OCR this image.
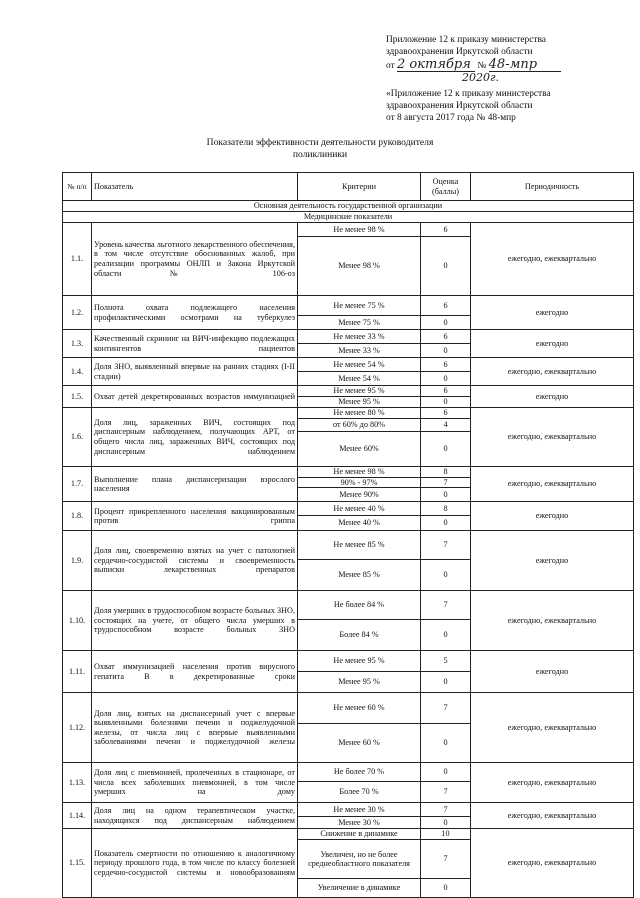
Приложение 12 к приказу министерства
здравоохранения Иркутской области
от 2 октября № 48-мпр
2020г.
«Приложение 12 к приказу министерства
здравоохранения Иркутской области
от 8 августа 2017 года № 48-мпр
Показатели эффективности деятельности руководителя
поликлиники
№ п/п	Показатель	Критерии	Оценка (баллы)	Периодичность
Основная деятельность государственной организации				
Медицинские показатели				
1.1.	Уровень качества льготного лекарственного обеспечения, в том числе отсутствие обоснованных жалоб, при реализации программы ОНЛП и Закона Иркутской области № 106-оз	Не менее 98 %	6	ежегодно, ежеквартально
		Менее 98 %	0	
1.2.	Полнота охвата подлежащего населения профилактическими осмотрами на туберкулез	Не менее 75 %	6	ежегодно
		Менее 75 %	0	
1.3.	Качественный скрининг на ВИЧ-инфекцию подлежащих контингентов пациентов	Не менее 33 %	6	ежегодно
		Менее 33 %	0	
1.4.	Доля ЗНО, выявленный впервые на ранних стадиях (I-II стадии)	Не менее 54 %	6	ежегодно, ежеквартально
		Менее 54 %	0	
1.5.	Охват детей декретированных возрастов иммунизацией	Не менее 95 %	6	ежегодно
		Менее 95 %	0	
1.6.	Доля лиц, зараженных ВИЧ, состоящих под диспансерным наблюдением, получающих АРТ, от общего числа лиц, зараженных ВИЧ, состоящих под диспансерным наблюдением	Не менее 80 %	6	ежегодно, ежеквартально
		от 60% до 80%	4	
		Менее 60%	0	
1.7.	Выполнение плана диспансеризации взрослого населения	Не менее 98 %	8	ежегодно, ежеквартально
		90% - 97%	7	
		Менее 90%	0	
1.8.	Процент прикрепленного населения вакцинированным против гриппа	Не менее 40 %	8	ежегодно
		Менее 40 %	0	
1.9.	Доля лиц, своевременно взятых на учет с патологией сердечно-сосудистой системы и своевременность выписки лекарственных препаратов	Не менее 85 %	7	ежегодно
		Менее 85 %	0	
1.10.	Доля умерших в трудоспособном возрасте больных ЗНО, состоящих на учете, от общего числа умерших в трудоспособном возрасте больных ЗНО	Не более 84 %	7	ежегодно, ежеквартально
		Более 84 %	0	
1.11.	Охват иммунизацией населения против вирусного гепатита В в декретированные сроки	Не менее 95 %	5	ежегодно
		Менее 95 %	0	
1.12.	Доля лиц, взятых на диспансерный учет с впервые выявленными болезнями печени и поджелудочной железы, от числа лиц с впервые выявленными заболеваниями печени и поджелудочной железы	Не менее 60 %	7	ежегодно, ежеквартально
		Менее 60 %	0	
1.13.	Доля лиц с пневмонией, пролеченных в стационаре, от числа всех заболевших пневмонией, в том числе умерших на дому	Не более 70 %	0	ежегодно, ежеквартально
		Более 70 %	7	
1.14.	Доля лиц на одном терапевтическом участке, находящихся под диспансерным наблюдением	Не менее 30 %	7	ежегодно, ежеквартально
		Менее 30 %	0	
1.15.	Показатель смертности по отношению к аналогичному периоду прошлого года, в том числе по классу болезней сердечно-сосудистой системы и новообразованиям	Снижение в динамике	10	ежегодно, ежеквартально
		Увеличен, но не более среднеобластного показателя	7	
		Увеличение в динамике	0	
